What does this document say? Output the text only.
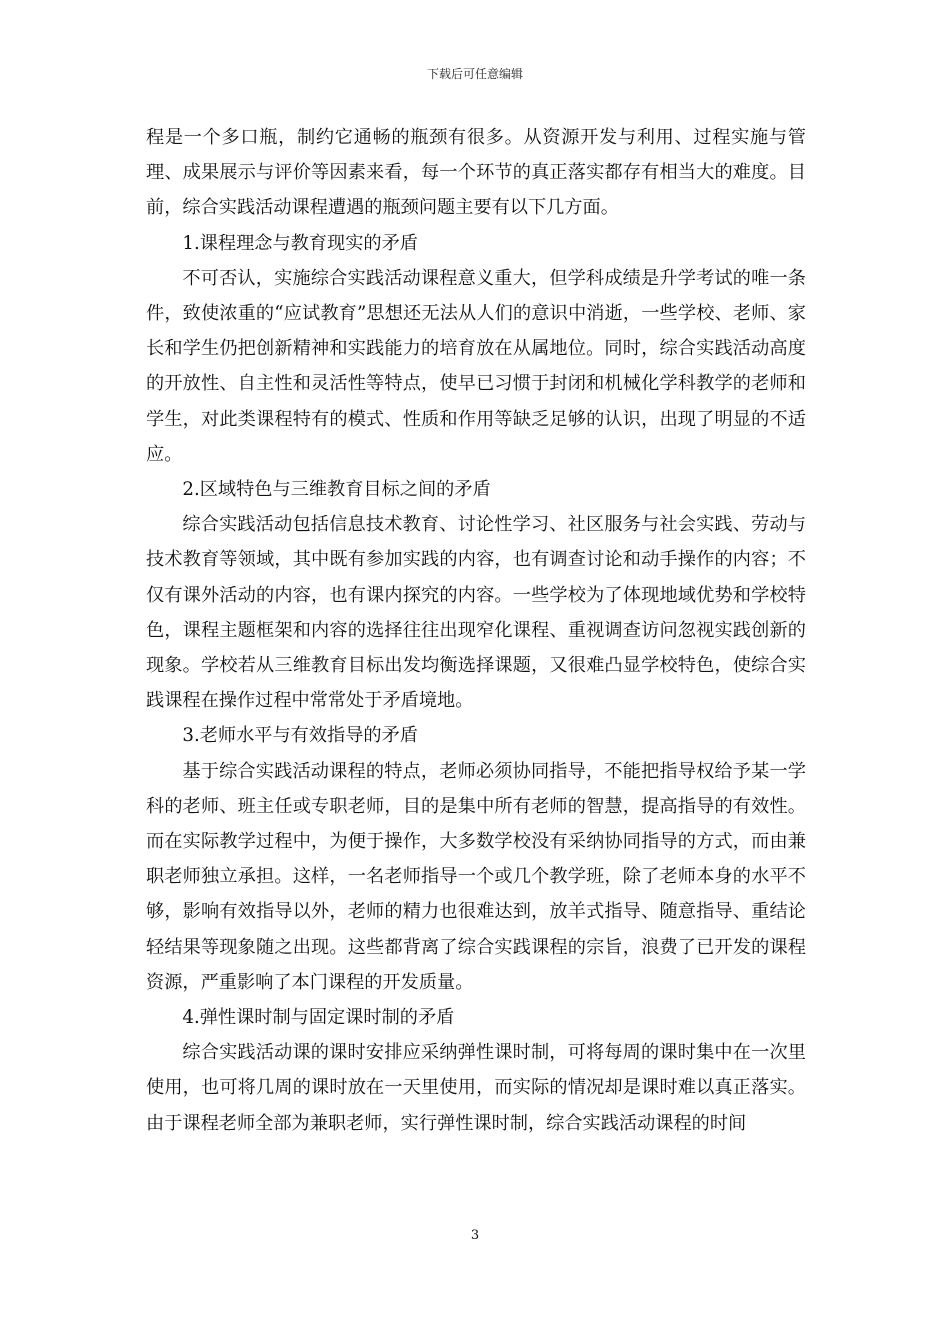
下载后可任意编辑

程是一个多口瓶，制约它通畅的瓶颈有很多。从资源开发与利用、过程实施与管理、成果展示与评价等因素来看，每一个环节的真正落实都存有相当大的难度。目前，综合实践活动课程遭遇的瓶颈问题主要有以下几方面。

1.课程理念与教育现实的矛盾

不可否认，实施综合实践活动课程意义重大，但学科成绩是升学考试的唯一条件，致使浓重的“应试教育”思想还无法从人们的意识中消逝，一些学校、老师、家长和学生仍把创新精神和实践能力的培育放在从属地位。同时，综合实践活动高度的开放性、自主性和灵活性等特点，使早已习惯于封闭和机械化学科教学的老师和学生，对此类课程特有的模式、性质和作用等缺乏足够的认识，出现了明显的不适应。

2.区域特色与三维教育目标之间的矛盾

综合实践活动包括信息技术教育、讨论性学习、社区服务与社会实践、劳动与技术教育等领域，其中既有参加实践的内容，也有调查讨论和动手操作的内容；不仅有课外活动的内容，也有课内探究的内容。一些学校为了体现地域优势和学校特色，课程主题框架和内容的选择往往出现窄化课程、重视调查访问忽视实践创新的现象。学校若从三维教育目标出发均衡选择课题，又很难凸显学校特色，使综合实践课程在操作过程中常常处于矛盾境地。

3.老师水平与有效指导的矛盾

基于综合实践活动课程的特点，老师必须协同指导，不能把指导权给予某一学科的老师、班主任或专职老师，目的是集中所有老师的智慧，提高指导的有效性。而在实际教学过程中，为便于操作，大多数学校没有采纳协同指导的方式，而由兼职老师独立承担。这样，一名老师指导一个或几个教学班，除了老师本身的水平不够，影响有效指导以外，老师的精力也很难达到，放羊式指导、随意指导、重结论轻结果等现象随之出现。这些都背离了综合实践课程的宗旨，浪费了已开发的课程资源，严重影响了本门课程的开发质量。

4.弹性课时制与固定课时制的矛盾

综合实践活动课的课时安排应采纳弹性课时制，可将每周的课时集中在一次里使用，也可将几周的课时放在一天里使用，而实际的情况却是课时难以真正落实。由于课程老师全部为兼职老师，实行弹性课时制，综合实践活动课程的时间

3
